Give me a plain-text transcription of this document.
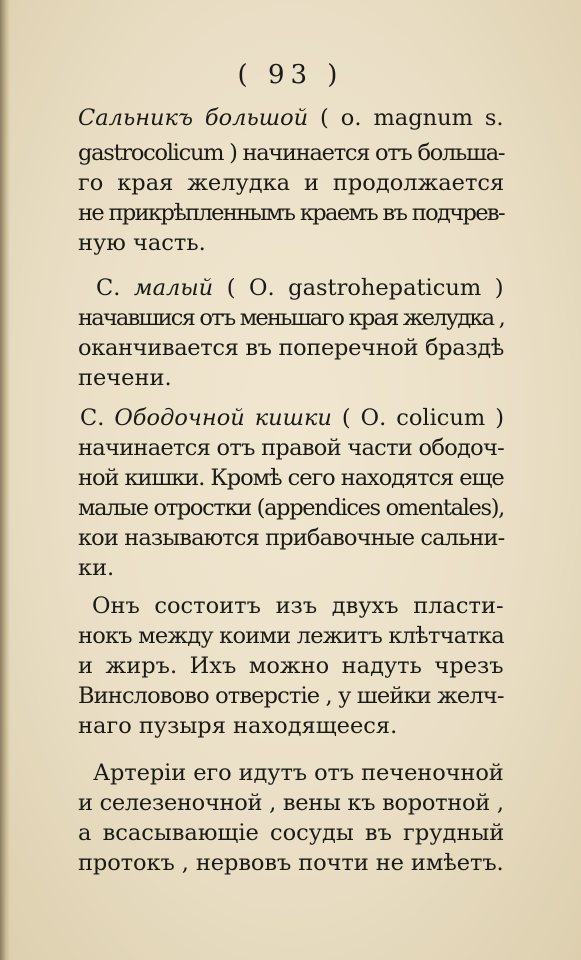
( 93 )
Сальникъ большой ( о. magnum s.
gastrocolicum ) начинается отъ больша-
го края желудка и продолжается
не прикрѣпленнымъ краемъ въ подчрев-
ную часть.
С. малый ( О. gastrohepaticum )
начавшися отъ меньшаго края желудка ,
оканчивается въ поперечной браздѣ
печени.
С. Ободочной кишки ( О. colicum )
начинается отъ правой части ободоч-
ной кишки. Кромѣ сего находятся еще
малые отростки (appendices omentales),
кои называются прибавочные сальни-
ки.
Онъ состоитъ изъ двухъ пласти-
нокъ между коими лежитъ клѣтчатка
и жиръ. Ихъ можно надуть чрезъ
Винсловово отверстіе , у шейки желч-
наго пузыря находящееся.
Артеріи его идутъ отъ печеночной
и селезеночной , вены къ воротной ,
а всасывающіе сосуды въ грудный
протокъ , нервовъ почти не имѣетъ.
